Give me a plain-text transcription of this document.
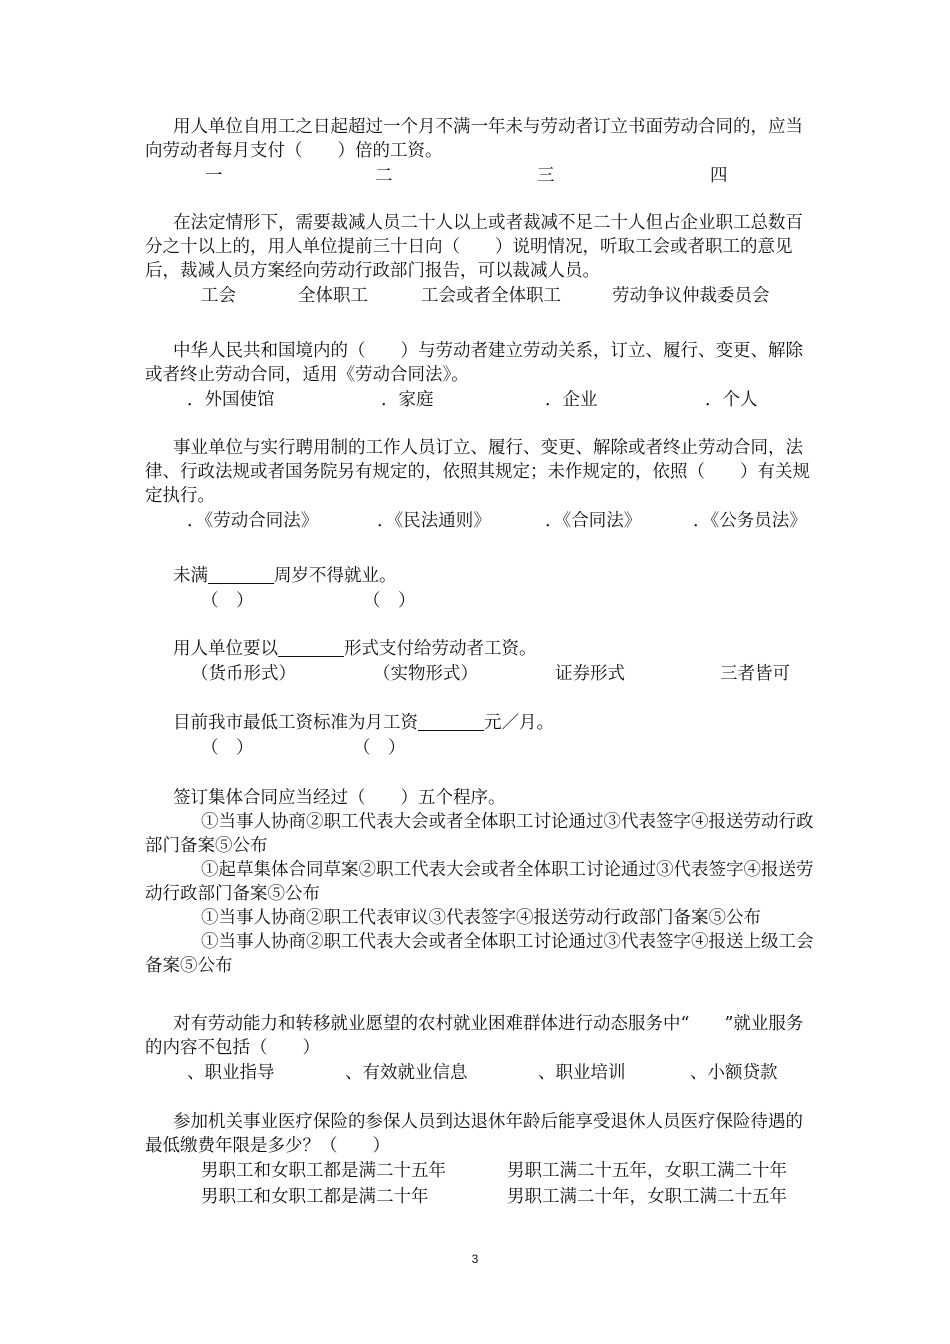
用人单位自用工之日起超过一个月不满一年未与劳动者订立书面劳动合同的，应当向劳动者每月支付（　　）倍的工资。

一	二	三	四

在法定情形下，需要裁减人员二十人以上或者裁减不足二十人但占企业职工总数百分之十以上的，用人单位提前三十日向（　　）说明情况，听取工会或者职工的意见后，裁减人员方案经向劳动行政部门报告，可以裁减人员。

工会	全体职工	工会或者全体职工	劳动争议仲裁委员会

中华人民共和国境内的（　　）与劳动者建立劳动关系，订立、履行、变更、解除或者终止劳动合同，适用《劳动合同法》。

．外国使馆	．家庭	．企业	．个人

事业单位与实行聘用制的工作人员订立、履行、变更、解除或者终止劳动合同，法律、行政法规或者国务院另有规定的，依照其规定；未作规定的，依照（　　）有关规定执行。

．《劳动合同法》	．《民法通则》	．《合同法》	．《公务员法》

未满	周岁不得就业。

（　）	（　）

用人单位要以	形式支付给劳动者工资。

（货币形式）	（实物形式）	证券形式	三者皆可

目前我市最低工资标准为月工资	元／月。

（　）	（　）

签订集体合同应当经过（　　）五个程序。

①当事人协商②职工代表大会或者全体职工讨论通过③代表签字④报送劳动行政部门备案⑤公布

①起草集体合同草案②职工代表大会或者全体职工讨论通过③代表签字④报送劳动行政部门备案⑤公布

①当事人协商②职工代表审议③代表签字④报送劳动行政部门备案⑤公布

①当事人协商②职工代表大会或者全体职工讨论通过③代表签字④报送上级工会备案⑤公布

对有劳动能力和转移就业愿望的农村就业困难群体进行动态服务中“　　”就业服务的内容不包括（　　）

、职业指导	、有效就业信息	、职业培训	、小额贷款

参加机关事业医疗保险的参保人员到达退休年龄后能享受退休人员医疗保险待遇的最低缴费年限是多少？（　　）

男职工和女职工都是满二十五年	男职工满二十五年，女职工满二十年
男职工和女职工都是满二十年	男职工满二十年，女职工满二十五年
3
